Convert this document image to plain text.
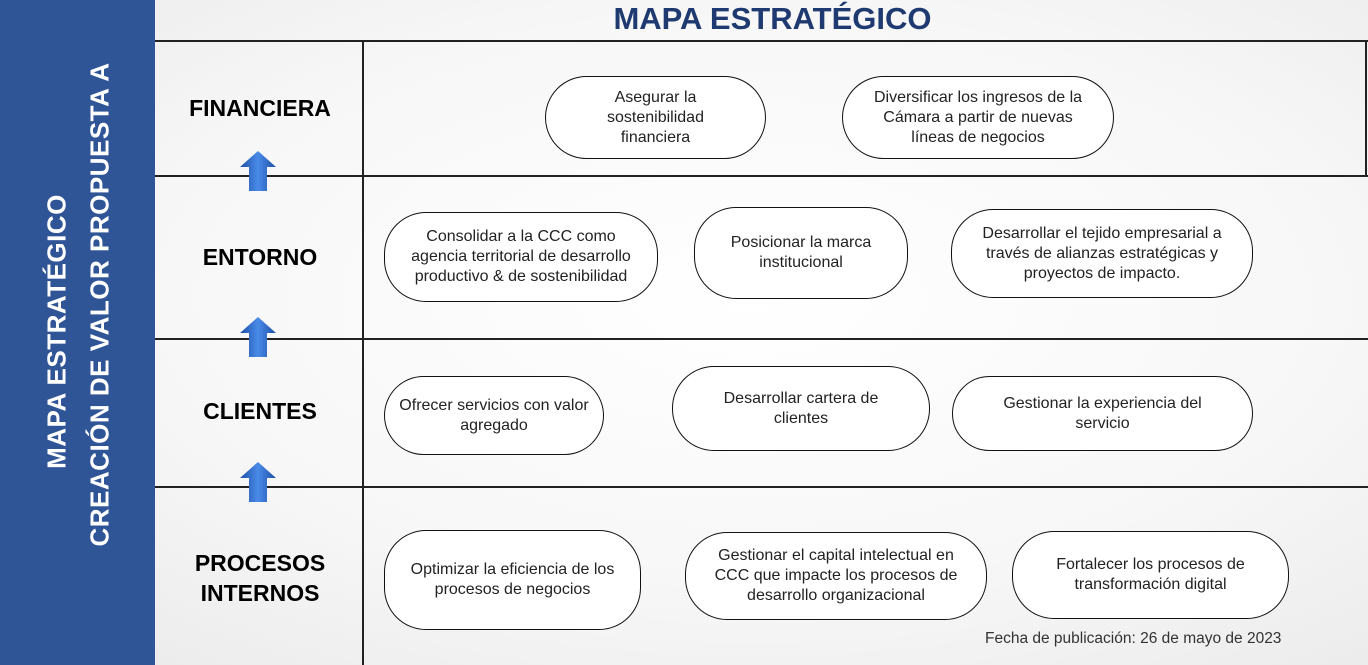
MAPA ESTRATÉGICO CREACIÓN DE VALOR PROPUESTA A
MAPA ESTRATÉGICO
FINANCIERA
ENTORNO
CLIENTES
PROCESOS
INTERNOS
Asegurar la sostenibilidad financiera
Diversificar los ingresos de la Cámara a partir de nuevas líneas de negocios
Consolidar a la CCC como agencia territorial de desarrollo productivo & de sostenibilidad
Posicionar la marca institucional
Desarrollar el tejido empresarial a través de alianzas estratégicas y proyectos de impacto.
Ofrecer servicios con valor agregado
Desarrollar cartera de clientes
Gestionar la experiencia del servicio
Optimizar la eficiencia de los procesos de negocios
Gestionar el capital intelectual en CCC que impacte los procesos de desarrollo organizacional
Fortalecer los procesos de transformación digital
Fecha de publicación: 26 de mayo de 2023
